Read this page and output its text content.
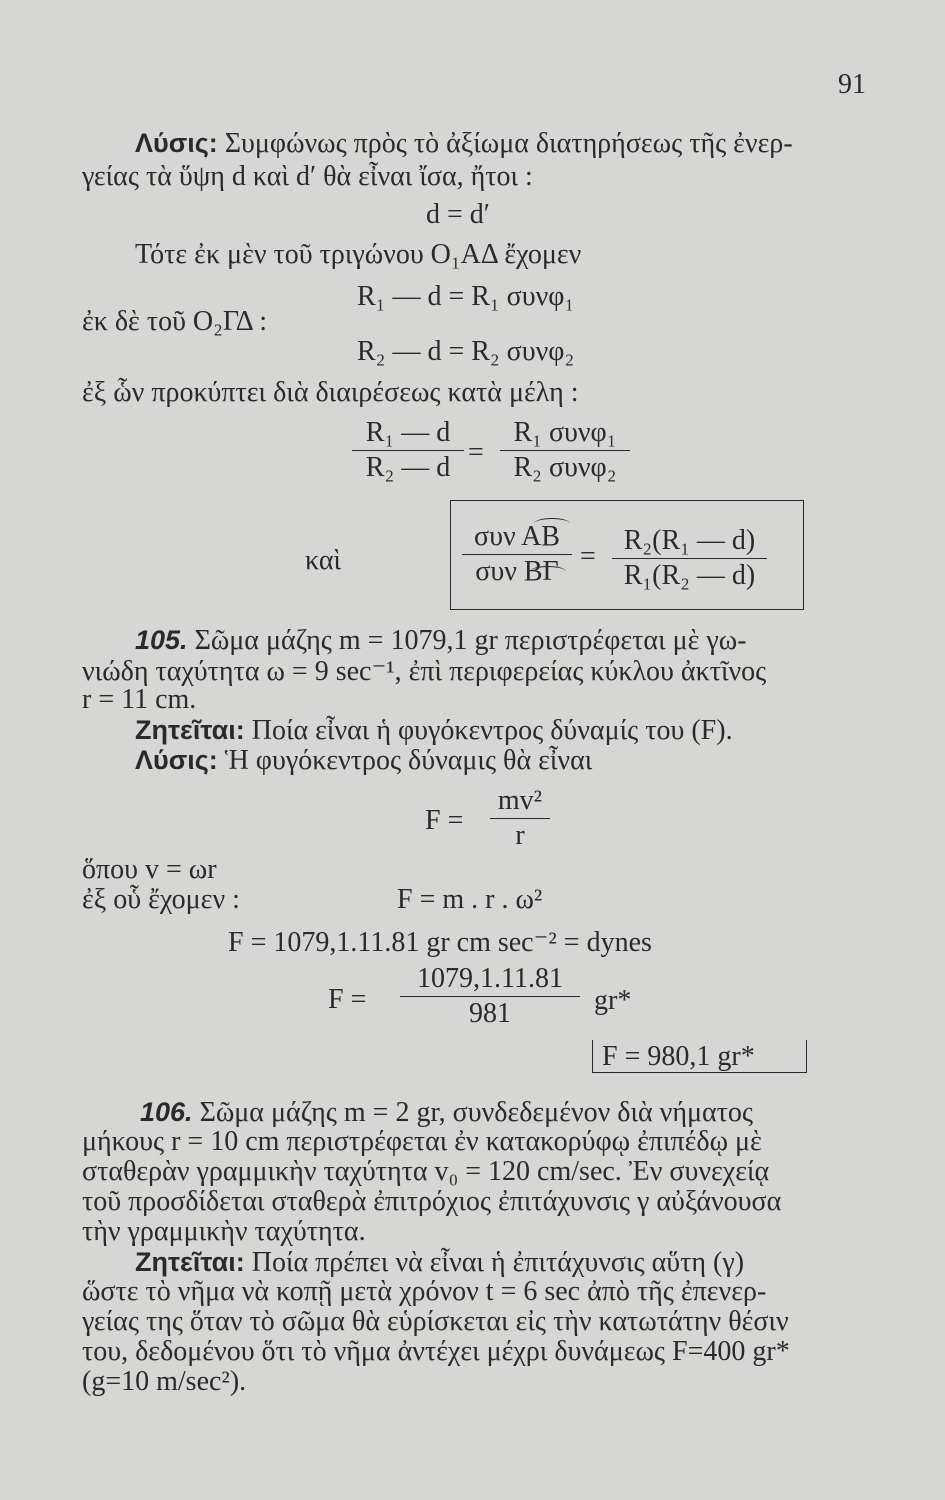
91
Λύσις: Συμφώνως πρὸς τὸ ἀξίωμα διατηρήσεως τῆς ἐνερ-
γείας τὰ ὕψη d καὶ d′ θὰ εἶναι ἴσα, ἤτοι :
d = d′
Τότε ἐκ μὲν τοῦ τριγώνου O₁ΑΔ ἔχομεν
R₁ — d = R₁ συνφ₁
ἐκ δὲ τοῦ O₂ΓΔ :
R₂ — d = R₂ συνφ₂
ἐξ ὧν προκύπτει διὰ διαιρέσεως κατὰ μέλη :
R₁ — d
R₂ — d =
R₁ συνφ₁
R₂ συνφ₂
καὶ
συν ΑΒ
συν ΒΓ =
R₂(R₁ — d)
R₁(R₂ — d)
105. Σῶμα μάζης m = 1079,1 gr περιστρέφεται μὲ γω-
νιώδη ταχύτητα ω = 9 sec⁻¹, ἐπὶ περιφερείας κύκλου ἀκτῖνος
r = 11 cm.
Ζητεῖται: Ποία εἶναι ἡ φυγόκεντρος δύναμίς του (F).
Λύσις: Ἡ φυγόκεντρος δύναμις θὰ εἶναι
F =
mv²
r
ὅπου v = ωr
ἐξ οὗ ἔχομεν :	F = m . r . ω²
F = 1079,1.11.81 gr cm sec⁻² = dynes
F =
1079,1.11.81
981	gr*
F = 980,1 gr*
106. Σῶμα μάζης m = 2 gr, συνδεδεμένον διὰ νήματος
μήκους r = 10 cm περιστρέφεται ἐν κατακορύφῳ ἐπιπέδῳ μὲ
σταθερὰν γραμμικὴν ταχύτητα v₀ = 120 cm/sec. Ἐν συνεχείᾳ
τοῦ προσδίδεται σταθερὰ ἐπιτρόχιος ἐπιτάχυνσις γ αὐξάνουσα
τὴν γραμμικὴν ταχύτητα.
Ζητεῖται: Ποία πρέπει νὰ εἶναι ἡ ἐπιτάχυνσις αὕτη (γ)
ὥστε τὸ νῆμα νὰ κοπῇ μετὰ χρόνον t = 6 sec ἀπὸ τῆς ἐπενερ-
γείας της ὅταν τὸ σῶμα θὰ εὑρίσκεται εἰς τὴν κατωτάτην θέσιν
του, δεδομένου ὅτι τὸ νῆμα ἀντέχει μέχρι δυνάμεως F=400 gr*
(g=10 m/sec²).
